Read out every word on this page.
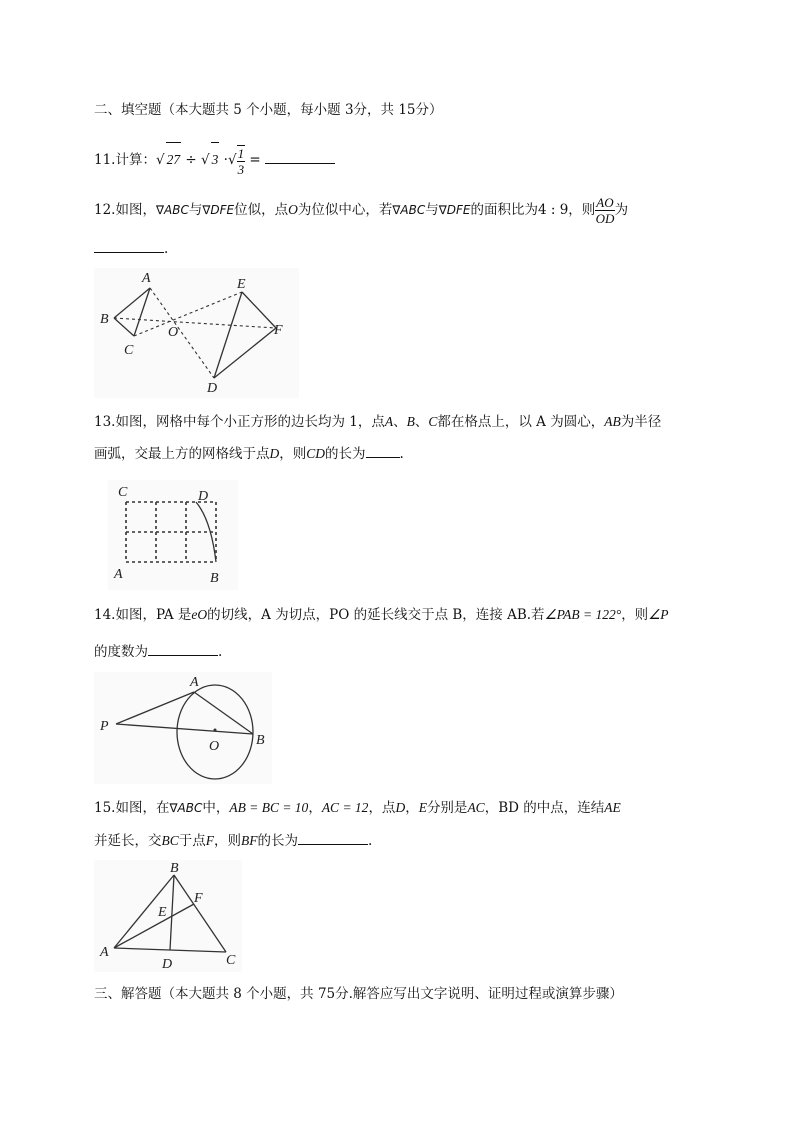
二、填空题（本大题共 5 个小题，每小题 3分，共 15分）
11.计算：√ 27 ÷ √ 3 ·√ $\frac{1}{3}$ =
12.如图，∇ABC与∇DFE位似，点O为位似中心，若∇ABC与∇DFE的面积比为4 : 9，则 $\frac{AO}{OD}$ 为
.
A
B
O
C
E
F
D
13.如图，网格中每个小正方形的边长均为 1，点A、B、C都在格点上，以 A 为圆心，AB为半径
画弧，交最上方的网格线于点D，则CD的长为	.
C	D
A	B
14.如图，PA 是eO的切线，A 为切点，PO 的延长线交于点 B，连接 AB.若∠PAB = 122°，则∠P
的度数为	.
A
P
O	B
15.如图，在∇ABC中，AB = BC = 10，AC = 12，点D，E分别是AC，BD 的中点，连结AE
并延长，交BC于点F，则BF的长为	.
B
F
E
A
D	C
三、解答题（本大题共 8 个小题，共 75分.解答应写出文字说明、证明过程或演算步骤）
